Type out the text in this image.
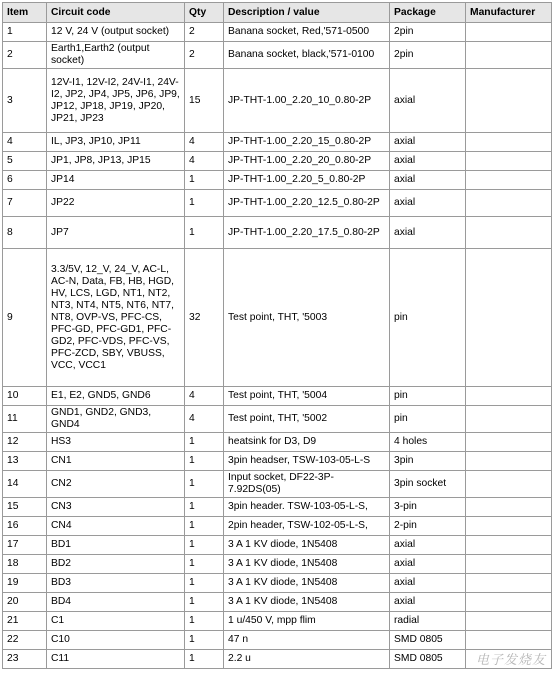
Item	Circuit code	Qty	Description / value	Package	Manufacturer
1	12 V, 24 V (output socket)	2	Banana socket, Red,'571-0500	2pin	
2	Earth1,Earth2 (output socket)	2	Banana socket, black,'571-0100	2pin	
3	12V-I1, 12V-I2, 24V-I1, 24V-I2, JP2, JP4, JP5, JP6, JP9, JP12, JP18, JP19, JP20, JP21, JP23	15	JP-THT-1.00_2.20_10_0.80-2P	axial	
4	IL, JP3, JP10, JP11	4	JP-THT-1.00_2.20_15_0.80-2P	axial	
5	JP1, JP8, JP13, JP15	4	JP-THT-1.00_2.20_20_0.80-2P	axial	
6	JP14	1	JP-THT-1.00_2.20_5_0.80-2P	axial	
7	JP22	1	JP-THT-1.00_2.20_12.5_0.80-2P	axial	
8	JP7	1	JP-THT-1.00_2.20_17.5_0.80-2P	axial	
9	3.3/5V, 12_V, 24_V, AC-L, AC-N, Data, FB, HB, HGD, HV, LCS, LGD, NT1, NT2, NT3, NT4, NT5, NT6, NT7, NT8, OVP-VS, PFC-CS, PFC-GD, PFC-GD1, PFC-GD2, PFC-VDS, PFC-VS, PFC-ZCD, SBY, VBUSS, VCC, VCC1	32	Test point, THT, '5003	pin	
10	E1, E2, GND5, GND6	4	Test point, THT, '5004	pin	
11	GND1, GND2, GND3, GND4	4	Test point, THT, '5002	pin	
12	HS3	1	heatsink for D3, D9	4 holes	
13	CN1	1	3pin headser, TSW-103-05-L-S	3pin	
14	CN2	1	Input socket, DF22-3P-7.92DS(05)	3pin socket	
15	CN3	1	3pin header. TSW-103-05-L-S,	3-pin	
16	CN4	1	2pin header, TSW-102-05-L-S,	2-pin	
17	BD1	1	3 A 1 KV diode, 1N5408	axial	
18	BD2	1	3 A 1 KV diode, 1N5408	axial	
19	BD3	1	3 A 1 KV diode, 1N5408	axial	
20	BD4	1	3 A 1 KV diode, 1N5408	axial	
21	C1	1	1 u/450 V, mpp flim	radial	
22	C10	1	47 n	SMD 0805	
23	C11	1	2.2 u	SMD 0805		电子发烧友
